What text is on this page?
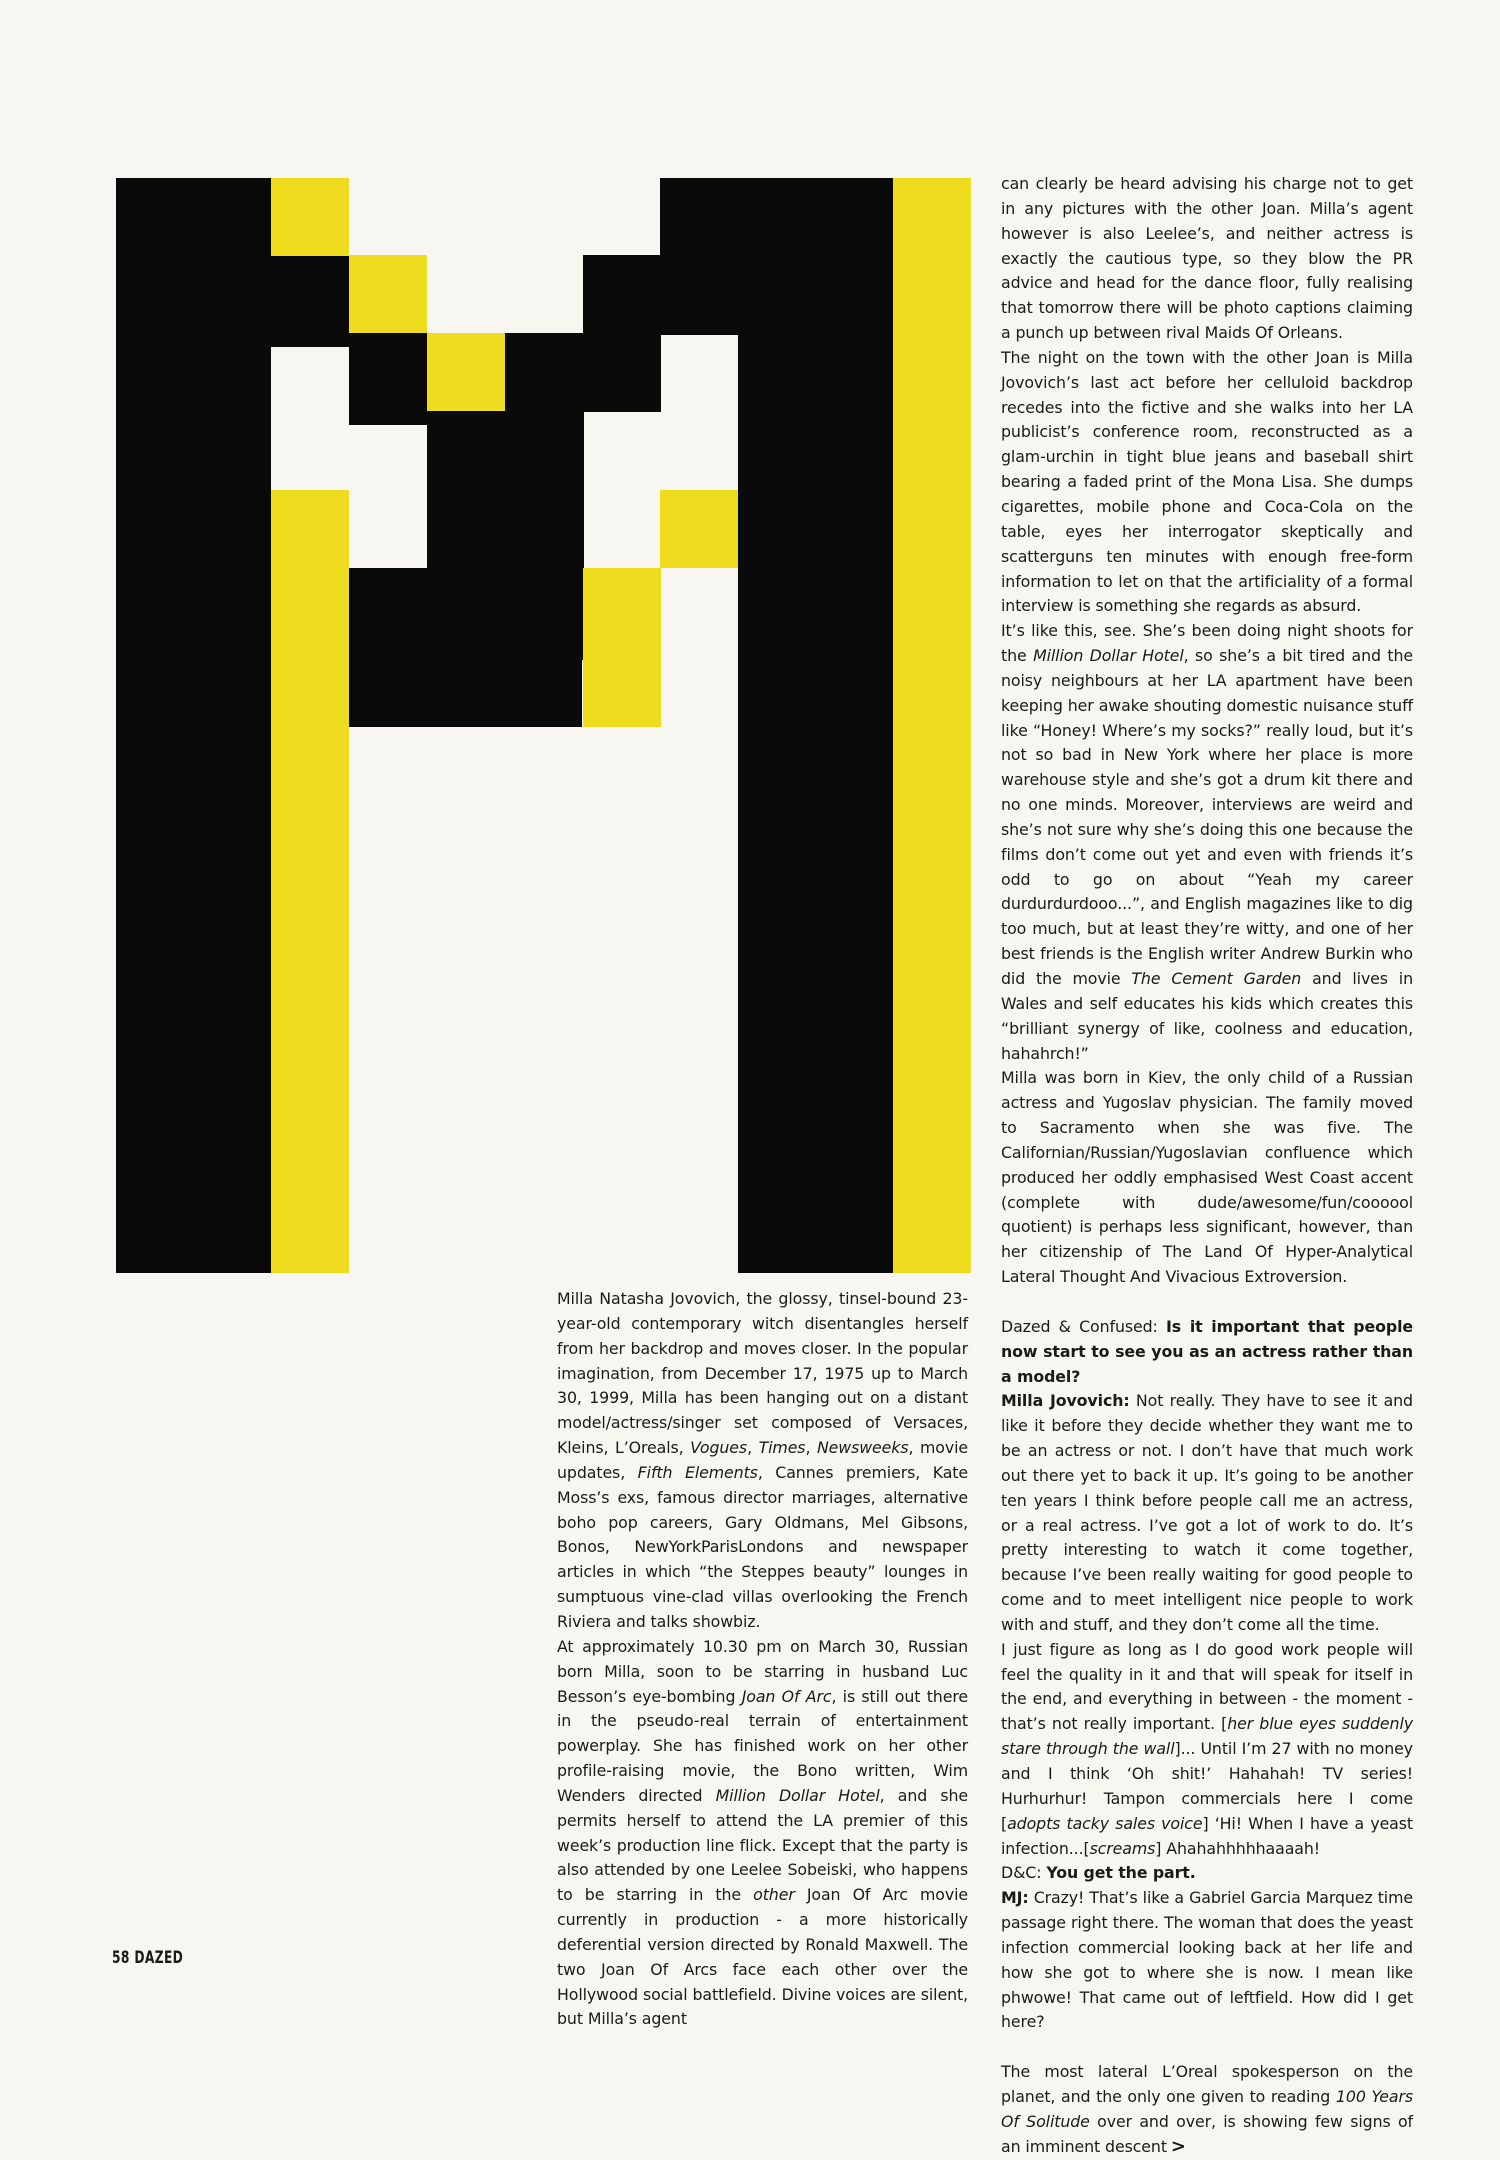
Milla Natasha Jovovich, the glossy, tinsel-bound 23-year-old contemporary witch disentangles herself from her backdrop and moves closer. In the popular imagination, from December 17, 1975 up to March 30, 1999, Milla has been hanging out on a distant model/actress/singer set composed of Versaces, Kleins, L’Oreals, Vogues, Times, Newsweeks, movie updates, Fifth Elements, Cannes premiers, Kate Moss’s exs, famous director marriages, alternative boho pop careers, Gary Oldmans, Mel Gibsons, Bonos, NewYorkParisLondons and newspaper articles in which “the Steppes beauty” lounges in sumptuous vine-clad villas overlooking the French Riviera and talks showbiz.

At approximately 10.30 pm on March 30, Russian born Milla, soon to be starring in husband Luc Besson’s eye-bombing Joan Of Arc, is still out there in the pseudo-real terrain of entertainment powerplay. She has finished work on her other profile-raising movie, the Bono written, Wim Wenders directed Million Dollar Hotel, and she permits herself to attend the LA premier of this week’s production line flick. Except that the party is also attended by one Leelee Sobeiski, who happens to be starring in the other Joan Of Arc movie currently in production - a more historically deferential version directed by Ronald Maxwell. The two Joan Of Arcs face each other over the Hollywood social battlefield. Divine voices are silent, but Milla’s agent

can clearly be heard advising his charge not to get in any pictures with the other Joan. Milla’s agent however is also Leelee’s, and neither actress is exactly the cautious type, so they blow the PR advice and head for the dance floor, fully realising that tomorrow there will be photo captions claiming a punch up between rival Maids Of Orleans.

The night on the town with the other Joan is Milla Jovovich’s last act before her celluloid backdrop recedes into the fictive and she walks into her LA publicist’s conference room, reconstructed as a glam-urchin in tight blue jeans and baseball shirt bearing a faded print of the Mona Lisa. She dumps cigarettes, mobile phone and Coca-Cola on the table, eyes her interrogator skeptically and scatterguns ten minutes with enough free-form information to let on that the artificiality of a formal interview is something she regards as absurd.

It’s like this, see. She’s been doing night shoots for the Million Dollar Hotel, so she’s a bit tired and the noisy neighbours at her LA apartment have been keeping her awake shouting domestic nuisance stuff like “Honey! Where’s my socks?” really loud, but it’s not so bad in New York where her place is more warehouse style and she’s got a drum kit there and no one minds. Moreover, interviews are weird and she’s not sure why she’s doing this one because the films don’t come out yet and even with friends it’s odd to go on about “Yeah my career durdurdurdooo...”, and English magazines like to dig too much, but at least they’re witty, and one of her best friends is the English writer Andrew Burkin who did the movie The Cement Garden and lives in Wales and self educates his kids which creates this “brilliant synergy of like, coolness and education, hahahrch!”

Milla was born in Kiev, the only child of a Russian actress and Yugoslav physician. The family moved to Sacramento when she was five. The Californian/Russian/Yugoslavian confluence which produced her oddly emphasised West Coast accent (complete with dude/awesome/fun/coooool quotient) is perhaps less significant, however, than her citizenship of The Land Of Hyper-Analytical Lateral Thought And Vivacious Extroversion.

Dazed & Confused: Is it important that people now start to see you as an actress rather than a model?

Milla Jovovich: Not really. They have to see it and like it before they decide whether they want me to be an actress or not. I don’t have that much work out there yet to back it up. It’s going to be another ten years I think before people call me an actress, or a real actress. I’ve got a lot of work to do. It’s pretty interesting to watch it come together, because I’ve been really waiting for good people to come and to meet intelligent nice people to work with and stuff, and they don’t come all the time.

I just figure as long as I do good work people will feel the quality in it and that will speak for itself in the end, and everything in between - the moment - that’s not really important. [her blue eyes suddenly stare through the wall]... Until I’m 27 with no money and I think ‘Oh shit!’ Hahahah! TV series! Hurhurhur! Tampon commercials here I come [adopts tacky sales voice] ‘Hi! When I have a yeast infection...[screams] Ahahahhhhhaaaah!

D&C: You get the part.

MJ: Crazy! That’s like a Gabriel Garcia Marquez time passage right there. The woman that does the yeast infection commercial looking back at her life and how she got to where she is now. I mean like phwowe! That came out of leftfield. How did I get here?

The most lateral L’Oreal spokesperson on the planet, and the only one given to reading 100 Years Of Solitude over and over, is showing few signs of an imminent descent >

58 DAZED
